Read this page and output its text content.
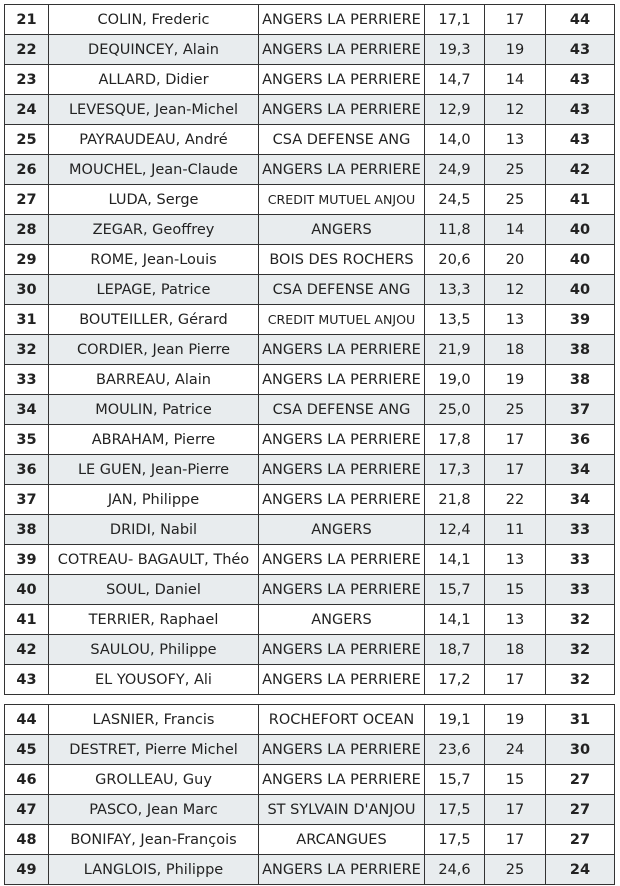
21	COLIN, Frederic	ANGERS LA PERRIERE	17,1	17	44
22	DEQUINCEY, Alain	ANGERS LA PERRIERE	19,3	19	43
23	ALLARD, Didier	ANGERS LA PERRIERE	14,7	14	43
24	LEVESQUE, Jean-Michel	ANGERS LA PERRIERE	12,9	12	43
25	PAYRAUDEAU, André	CSA DEFENSE ANG	14,0	13	43
26	MOUCHEL, Jean-Claude	ANGERS LA PERRIERE	24,9	25	42
27	LUDA, Serge	CREDIT MUTUEL ANJOU	24,5	25	41
28	ZEGAR, Geoffrey	ANGERS	11,8	14	40
29	ROME, Jean-Louis	BOIS DES ROCHERS	20,6	20	40
30	LEPAGE, Patrice	CSA DEFENSE ANG	13,3	12	40
31	BOUTEILLER, Gérard	CREDIT MUTUEL ANJOU	13,5	13	39
32	CORDIER, Jean Pierre	ANGERS LA PERRIERE	21,9	18	38
33	BARREAU, Alain	ANGERS LA PERRIERE	19,0	19	38
34	MOULIN, Patrice	CSA DEFENSE ANG	25,0	25	37
35	ABRAHAM, Pierre	ANGERS LA PERRIERE	17,8	17	36
36	LE GUEN, Jean-Pierre	ANGERS LA PERRIERE	17,3	17	34
37	JAN, Philippe	ANGERS LA PERRIERE	21,8	22	34
38	DRIDI, Nabil	ANGERS	12,4	11	33
39	COTREAU- BAGAULT, Théo	ANGERS LA PERRIERE	14,1	13	33
40	SOUL, Daniel	ANGERS LA PERRIERE	15,7	15	33
41	TERRIER, Raphael	ANGERS	14,1	13	32
42	SAULOU, Philippe	ANGERS LA PERRIERE	18,7	18	32
43	EL YOUSOFY, Ali	ANGERS LA PERRIERE	17,2	17	32
44	LASNIER, Francis	ROCHEFORT OCEAN	19,1	19	31
45	DESTRET, Pierre Michel	ANGERS LA PERRIERE	23,6	24	30
46	GROLLEAU, Guy	ANGERS LA PERRIERE	15,7	15	27
47	PASCO, Jean Marc	ST SYLVAIN D'ANJOU	17,5	17	27
48	BONIFAY, Jean-François	ARCANGUES	17,5	17	27
49	LANGLOIS, Philippe	ANGERS LA PERRIERE	24,6	25	24
